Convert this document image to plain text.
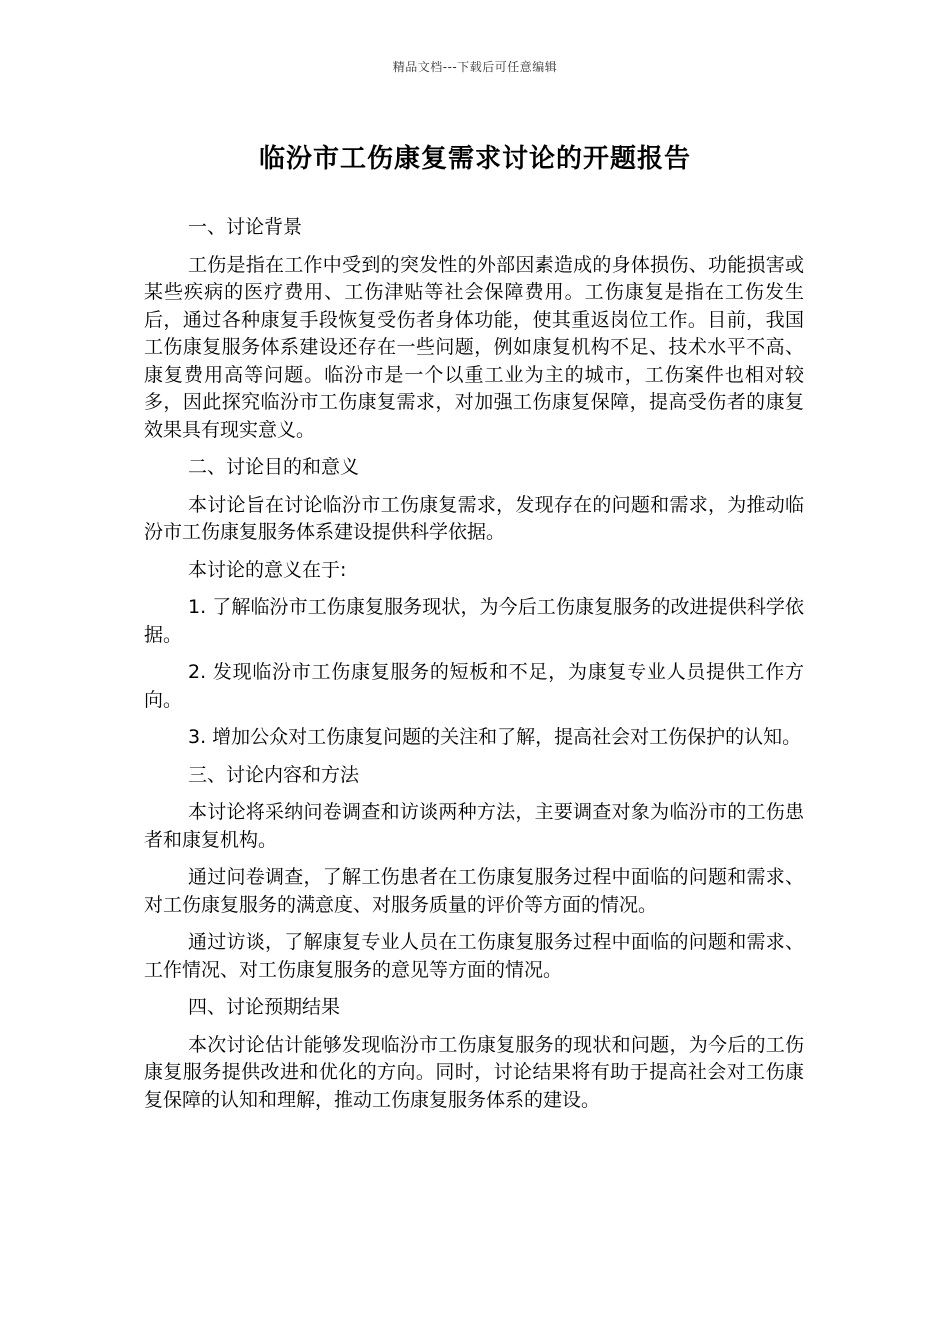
精品文档---下载后可任意编辑
临汾市工伤康复需求讨论的开题报告

一、讨论背景

工伤是指在工作中受到的突发性的外部因素造成的身体损伤、功能损害或某些疾病的医疗费用、工伤津贴等社会保障费用。工伤康复是指在工伤发生后，通过各种康复手段恢复受伤者身体功能，使其重返岗位工作。目前，我国工伤康复服务体系建设还存在一些问题，例如康复机构不足、技术水平不高、康复费用高等问题。临汾市是一个以重工业为主的城市，工伤案件也相对较多，因此探究临汾市工伤康复需求，对加强工伤康复保障，提高受伤者的康复效果具有现实意义。

二、讨论目的和意义

本讨论旨在讨论临汾市工伤康复需求，发现存在的问题和需求，为推动临汾市工伤康复服务体系建设提供科学依据。

本讨论的意义在于:

1. 了解临汾市工伤康复服务现状，为今后工伤康复服务的改进提供科学依据。

2. 发现临汾市工伤康复服务的短板和不足，为康复专业人员提供工作方向。

3. 增加公众对工伤康复问题的关注和了解，提高社会对工伤保护的认知。

三、讨论内容和方法

本讨论将采纳问卷调查和访谈两种方法，主要调查对象为临汾市的工伤患者和康复机构。

通过问卷调查，了解工伤患者在工伤康复服务过程中面临的问题和需求、对工伤康复服务的满意度、对服务质量的评价等方面的情况。

通过访谈，了解康复专业人员在工伤康复服务过程中面临的问题和需求、工作情况、对工伤康复服务的意见等方面的情况。

四、讨论预期结果

本次讨论估计能够发现临汾市工伤康复服务的现状和问题，为今后的工伤康复服务提供改进和优化的方向。同时，讨论结果将有助于提高社会对工伤康复保障的认知和理解，推动工伤康复服务体系的建设。
